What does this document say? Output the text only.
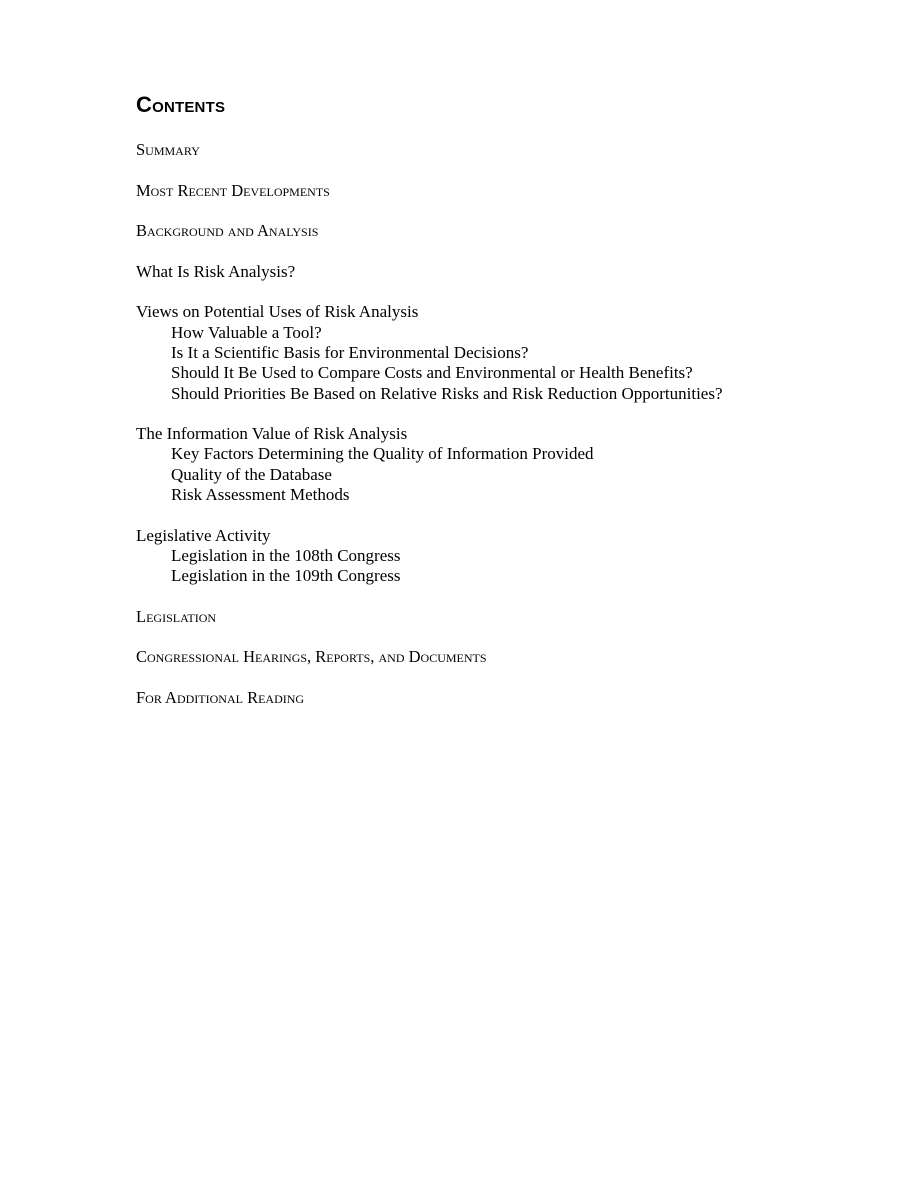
Contents
Summary
Most Recent Developments
Background and Analysis
What Is Risk Analysis?
Views on Potential Uses of Risk Analysis
How Valuable a Tool?
Is It a Scientific Basis for Environmental Decisions?
Should It Be Used to Compare Costs and Environmental or Health Benefits?
Should Priorities Be Based on Relative Risks and Risk Reduction Opportunities?
The Information Value of Risk Analysis
Key Factors Determining the Quality of Information Provided
Quality of the Database
Risk Assessment Methods
Legislative Activity
Legislation in the 108th Congress
Legislation in the 109th Congress
Legislation
Congressional Hearings, Reports, and Documents
For Additional Reading
